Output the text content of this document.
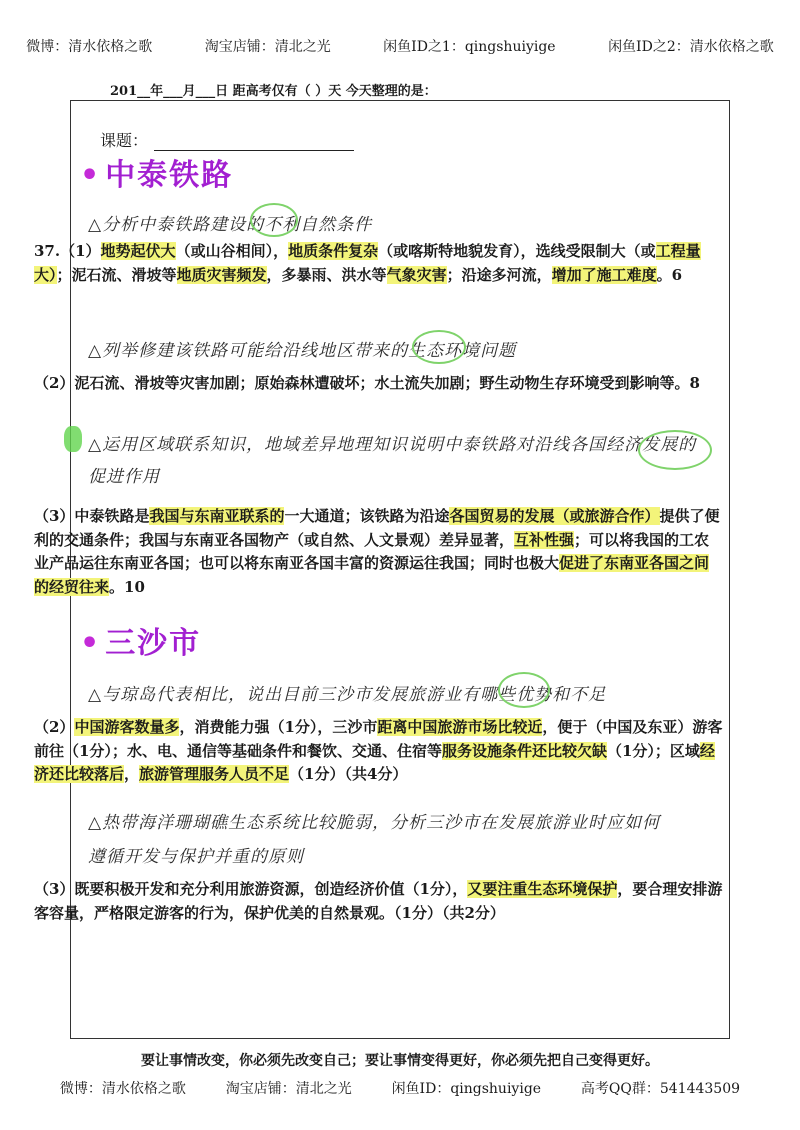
微博：清水依格之歌	淘宝店铺：清北之光	闲鱼ID之1：qingshuiyige	闲鱼ID之2：清水依格之歌
201__年___月___日 距高考仅有（ ）天 今天整理的是：
课题：
• 中泰铁路
△分析中泰铁路建设的不利自然条件
37.（1）地势起伏大（或山谷相间），地质条件复杂（或喀斯特地貌发育），选线受限制大（或工程量大）；泥石流、滑坡等地质灾害频发，多暴雨、洪水等气象灾害；沿途多河流，增加了施工难度。6
△列举修建该铁路可能给沿线地区带来的生态环境问题
（2）泥石流、滑坡等灾害加剧；原始森林遭破坏；水土流失加剧；野生动物生存环境受到影响等。8
△运用区域联系知识，地域差异地理知识说明中泰铁路对沿线各国经济发展的
促进作用
（3）中泰铁路是我国与东南亚联系的一大通道；该铁路为沿途各国贸易的发展（或旅游合作）提供了便利的交通条件；我国与东南亚各国物产（或自然、人文景观）差异显著，互补性强；可以将我国的工农业产品运往东南亚各国；也可以将东南亚各国丰富的资源运往我国；同时也极大促进了东南亚各国之间的经贸往来。10
• 三沙市
△与琼岛代表相比，说出目前三沙市发展旅游业有哪些优势和不足
（2）中国游客数量多，消费能力强（1分），三沙市距离中国旅游市场比较近，便于（中国及东亚）游客前往（1分）；水、电、通信等基础条件和餐饮、交通、住宿等服务设施条件还比较欠缺（1分）；区域经济还比较落后，旅游管理服务人员不足（1分）（共4分）
△热带海洋珊瑚礁生态系统比较脆弱，分析三沙市在发展旅游业时应如何
遵循开发与保护并重的原则
（3）既要积极开发和充分利用旅游资源，创造经济价值（1分），又要注重生态环境保护，要合理安排游客容量，严格限定游客的行为，保护优美的自然景观。（1分）（共2分）
要让事情改变，你必须先改变自己；要让事情变得更好，你必须先把自己变得更好。
微博：清水依格之歌	淘宝店铺：清北之光	闲鱼ID：qingshuiyige	高考QQ群：541443509
